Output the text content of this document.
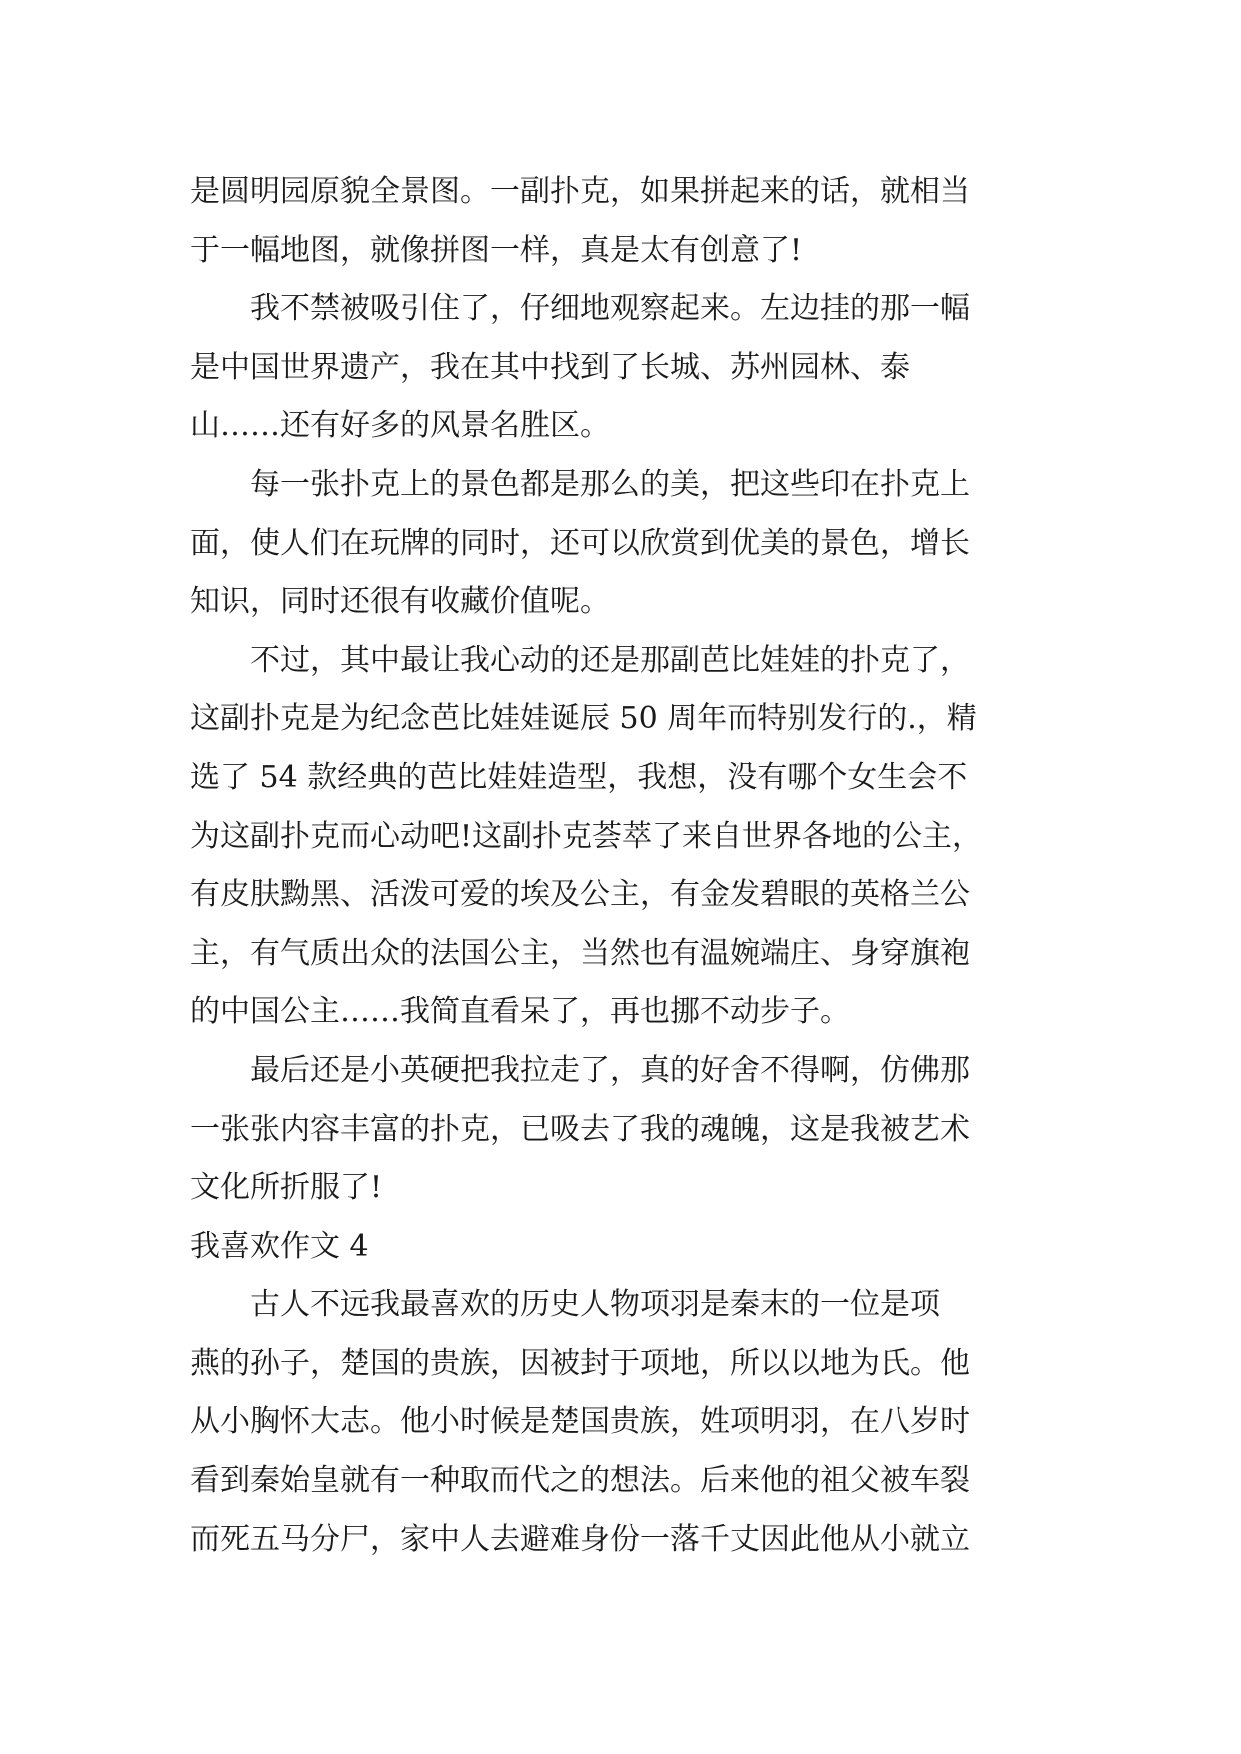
是圆明园原貌全景图。一副扑克，如果拼起来的话，就相当
于一幅地图，就像拼图一样，真是太有创意了!
我不禁被吸引住了，仔细地观察起来。左边挂的那一幅
是中国世界遗产，我在其中找到了长城、苏州园林、泰
山……还有好多的风景名胜区。
每一张扑克上的景色都是那么的美，把这些印在扑克上
面，使人们在玩牌的同时，还可以欣赏到优美的景色，增长
知识，同时还很有收藏价值呢。
不过，其中最让我心动的还是那副芭比娃娃的扑克了，
这副扑克是为纪念芭比娃娃诞辰 50 周年而特别发行的.，精
选了 54 款经典的芭比娃娃造型，我想，没有哪个女生会不
为这副扑克而心动吧!这副扑克荟萃了来自世界各地的公主，
有皮肤黝黑、活泼可爱的埃及公主，有金发碧眼的英格兰公
主，有气质出众的法国公主，当然也有温婉端庄、身穿旗袍
的中国公主……我简直看呆了，再也挪不动步子。
最后还是小英硬把我拉走了，真的好舍不得啊，仿佛那
一张张内容丰富的扑克，已吸去了我的魂魄，这是我被艺术
文化所折服了!
我喜欢作文 4
古人不远我最喜欢的历史人物项羽是秦末的一位是项
燕的孙子，楚国的贵族，因被封于项地，所以以地为氏。他
从小胸怀大志。他小时候是楚国贵族，姓项明羽，在八岁时
看到秦始皇就有一种取而代之的想法。后来他的祖父被车裂
而死五马分尸，家中人去避难身份一落千丈因此他从小就立
